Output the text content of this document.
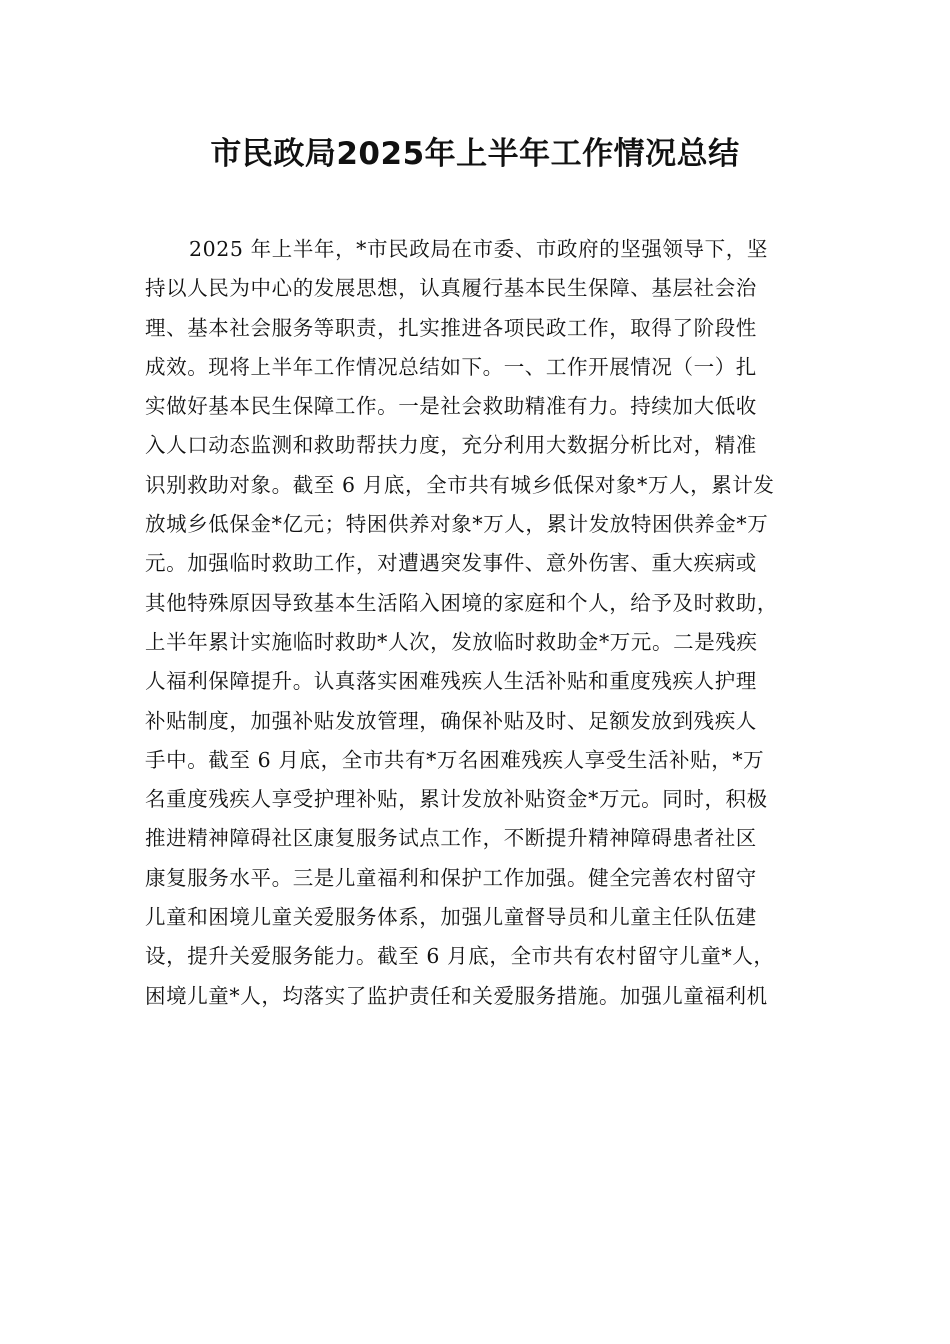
市民政局2025年上半年工作情况总结
2025 年上半年，*市民政局在市委、市政府的坚强领导下，坚
持以人民为中心的发展思想，认真履行基本民生保障、基层社会治
理、基本社会服务等职责，扎实推进各项民政工作，取得了阶段性
成效。现将上半年工作情况总结如下。一、工作开展情况（一）扎
实做好基本民生保障工作。一是社会救助精准有力。持续加大低收
入人口动态监测和救助帮扶力度，充分利用大数据分析比对，精准
识别救助对象。截至 6 月底，全市共有城乡低保对象*万人，累计发
放城乡低保金*亿元；特困供养对象*万人，累计发放特困供养金*万
元。加强临时救助工作，对遭遇突发事件、意外伤害、重大疾病或
其他特殊原因导致基本生活陷入困境的家庭和个人，给予及时救助，
上半年累计实施临时救助*人次，发放临时救助金*万元。二是残疾
人福利保障提升。认真落实困难残疾人生活补贴和重度残疾人护理
补贴制度，加强补贴发放管理，确保补贴及时、足额发放到残疾人
手中。截至 6 月底，全市共有*万名困难残疾人享受生活补贴，*万
名重度残疾人享受护理补贴，累计发放补贴资金*万元。同时，积极
推进精神障碍社区康复服务试点工作，不断提升精神障碍患者社区
康复服务水平。三是儿童福利和保护工作加强。健全完善农村留守
儿童和困境儿童关爱服务体系，加强儿童督导员和儿童主任队伍建
设，提升关爱服务能力。截至 6 月底，全市共有农村留守儿童*人，
困境儿童*人，均落实了监护责任和关爱服务措施。加强儿童福利机
